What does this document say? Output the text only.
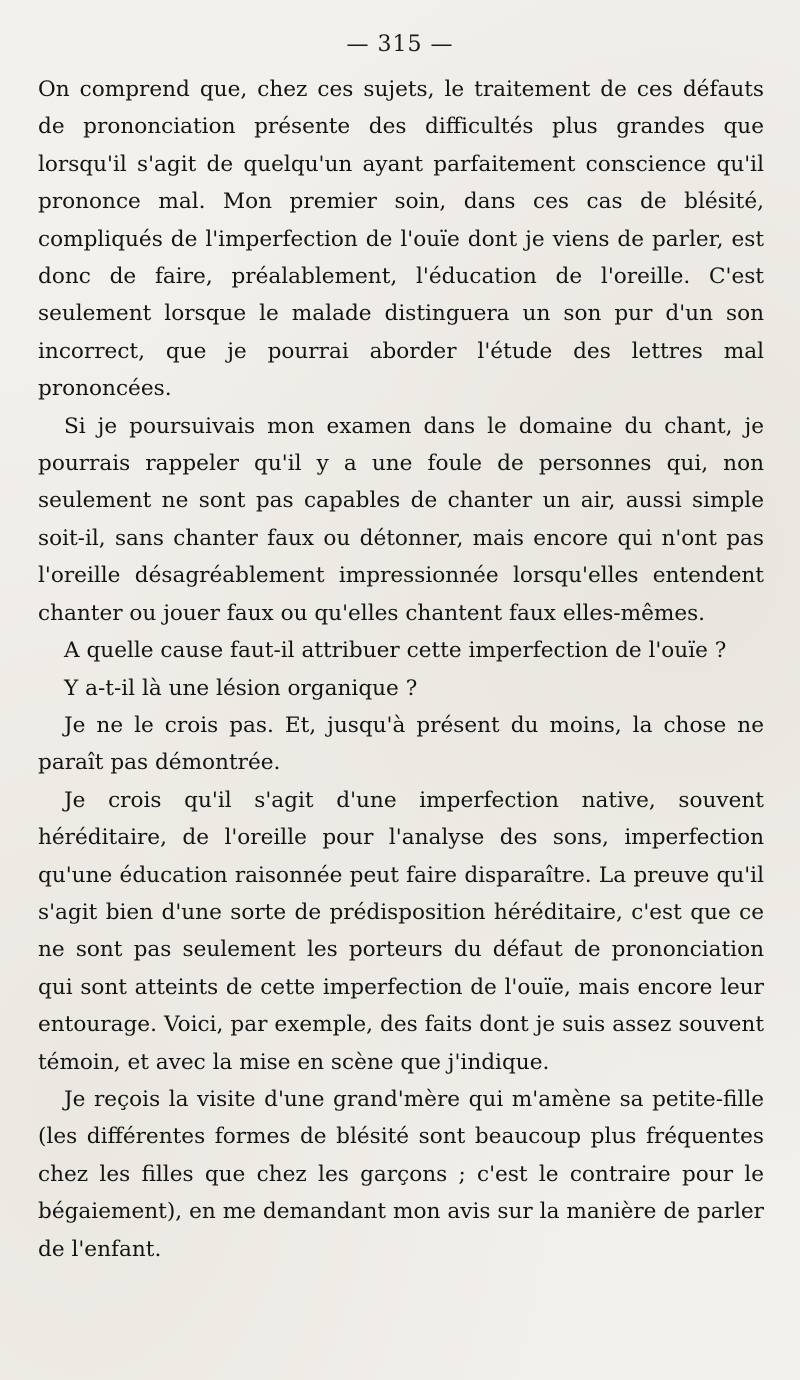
— 315 —

On comprend que, chez ces sujets, le traitement de ces défauts de prononciation présente des difficultés plus grandes que lorsqu'il s'agit de quelqu'un ayant parfaitement conscience qu'il prononce mal. Mon premier soin, dans ces cas de blésité, compliqués de l'imperfection de l'ouïe dont je viens de parler, est donc de faire, préalablement, l'éducation de l'oreille. C'est seulement lorsque le malade distinguera un son pur d'un son incorrect, que je pourrai aborder l'étude des lettres mal prononcées.

Si je poursuivais mon examen dans le domaine du chant, je pourrais rappeler qu'il y a une foule de personnes qui, non seulement ne sont pas capables de chanter un air, aussi simple soit-il, sans chanter faux ou détonner, mais encore qui n'ont pas l'oreille désagréablement impressionnée lorsqu'elles entendent chanter ou jouer faux ou qu'elles chantent faux elles-mêmes.

A quelle cause faut-il attribuer cette imperfection de l'ouïe ?

Y a-t-il là une lésion organique ?

Je ne le crois pas. Et, jusqu'à présent du moins, la chose ne paraît pas démontrée.

Je crois qu'il s'agit d'une imperfection native, souvent héréditaire, de l'oreille pour l'analyse des sons, imperfection qu'une éducation raisonnée peut faire disparaître. La preuve qu'il s'agit bien d'une sorte de prédisposition héréditaire, c'est que ce ne sont pas seulement les porteurs du défaut de prononciation qui sont atteints de cette imperfection de l'ouïe, mais encore leur entourage. Voici, par exemple, des faits dont je suis assez souvent témoin, et avec la mise en scène que j'indique.

Je reçois la visite d'une grand'mère qui m'amène sa petite-fille (les différentes formes de blésité sont beaucoup plus fréquentes chez les filles que chez les garçons ; c'est le contraire pour le bégaiement), en me demandant mon avis sur la manière de parler de l'enfant.
